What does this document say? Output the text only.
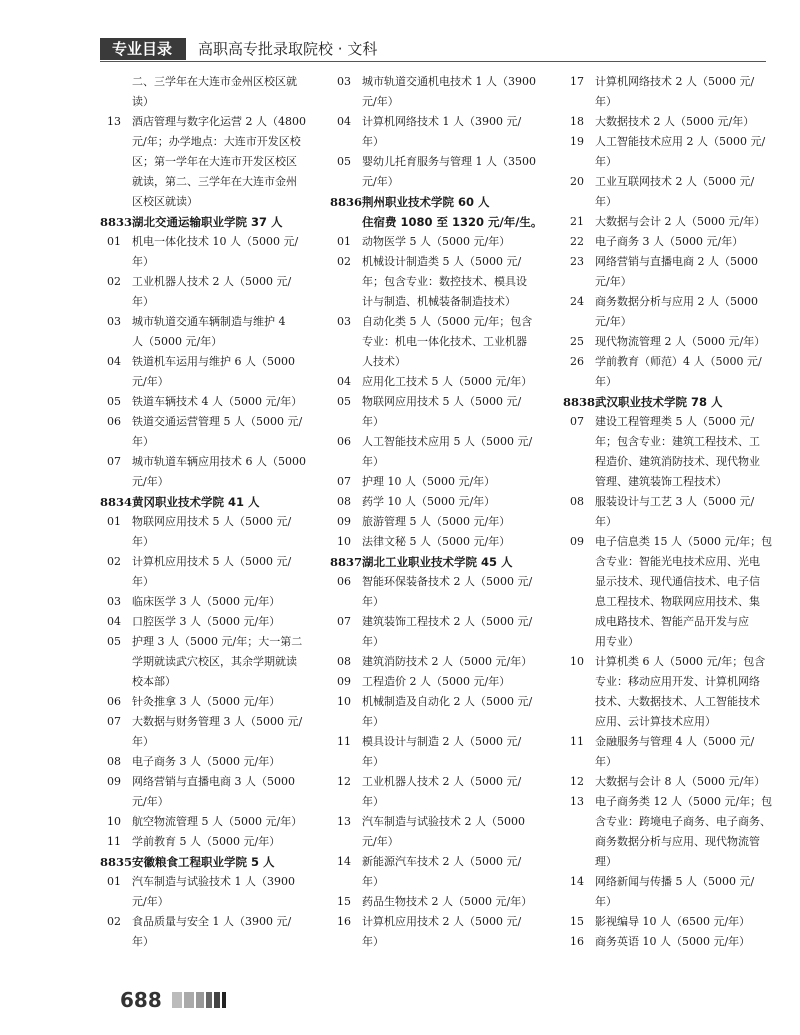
专业目录	高职高专批录取院校 · 文科
二、三学年在大连市金州区校区就
读）
13	酒店管理与数字化运营 2 人（4800
元/年；办学地点：大连市开发区校
区；第一学年在大连市开发区校区
就读，第二、三学年在大连市金州
区校区就读）
8833 湖北交通运输职业学院 37 人
01	机电一体化技术 10 人（5000 元/
年）
02	工业机器人技术 2 人（5000 元/
年）
03	城市轨道交通车辆制造与维护 4
人（5000 元/年）
04	铁道机车运用与维护 6 人（5000
元/年）
05	铁道车辆技术 4 人（5000 元/年）
06	铁道交通运营管理 5 人（5000 元/
年）
07	城市轨道车辆应用技术 6 人（5000
元/年）
8834 黄冈职业技术学院 41 人
01	物联网应用技术 5 人（5000 元/
年）
02	计算机应用技术 5 人（5000 元/
年）
03	临床医学 3 人（5000 元/年）
04	口腔医学 3 人（5000 元/年）
05	护理 3 人（5000 元/年；大一第二
学期就读武穴校区，其余学期就读
校本部）
06	针灸推拿 3 人（5000 元/年）
07	大数据与财务管理 3 人（5000 元/
年）
08	电子商务 3 人（5000 元/年）
09	网络营销与直播电商 3 人（5000
元/年）
10	航空物流管理 5 人（5000 元/年）
11	学前教育 5 人（5000 元/年）
8835 安徽粮食工程职业学院 5 人
01	汽车制造与试验技术 1 人（3900
元/年）
02	食品质量与安全 1 人（3900 元/
年）
03	城市轨道交通机电技术 1 人（3900
元/年）
04	计算机网络技术 1 人（3900 元/
年）
05	婴幼儿托育服务与管理 1 人（3500
元/年）
8836 荆州职业技术学院 60 人
住宿费 1080 至 1320 元/年/生。
01	动物医学 5 人（5000 元/年）
02	机械设计制造类 5 人（5000 元/
年；包含专业：数控技术、模具设
计与制造、机械装备制造技术）
03	自动化类 5 人（5000 元/年；包含
专业：机电一体化技术、工业机器
人技术）
04	应用化工技术 5 人（5000 元/年）
05	物联网应用技术 5 人（5000 元/
年）
06	人工智能技术应用 5 人（5000 元/
年）
07	护理 10 人（5000 元/年）
08	药学 10 人（5000 元/年）
09	旅游管理 5 人（5000 元/年）
10	法律文秘 5 人（5000 元/年）
8837 湖北工业职业技术学院 45 人
06	智能环保装备技术 2 人（5000 元/
年）
07	建筑装饰工程技术 2 人（5000 元/
年）
08	建筑消防技术 2 人（5000 元/年）
09	工程造价 2 人（5000 元/年）
10	机械制造及自动化 2 人（5000 元/
年）
11	模具设计与制造 2 人（5000 元/
年）
12	工业机器人技术 2 人（5000 元/
年）
13	汽车制造与试验技术 2 人（5000
元/年）
14	新能源汽车技术 2 人（5000 元/
年）
15	药品生物技术 2 人（5000 元/年）
16	计算机应用技术 2 人（5000 元/
年）
17	计算机网络技术 2 人（5000 元/
年）
18	大数据技术 2 人（5000 元/年）
19	人工智能技术应用 2 人（5000 元/
年）
20	工业互联网技术 2 人（5000 元/
年）
21	大数据与会计 2 人（5000 元/年）
22	电子商务 3 人（5000 元/年）
23	网络营销与直播电商 2 人（5000
元/年）
24	商务数据分析与应用 2 人（5000
元/年）
25	现代物流管理 2 人（5000 元/年）
26	学前教育（师范）4 人（5000 元/
年）
8838 武汉职业技术学院 78 人
07	建设工程管理类 5 人（5000 元/
年；包含专业：建筑工程技术、工
程造价、建筑消防技术、现代物业
管理、建筑装饰工程技术）
08	服装设计与工艺 3 人（5000 元/
年）
09	电子信息类 15 人（5000 元/年；包
含专业：智能光电技术应用、光电
显示技术、现代通信技术、电子信
息工程技术、物联网应用技术、集
成电路技术、智能产品开发与应
用专业）
10	计算机类 6 人（5000 元/年；包含
专业：移动应用开发、计算机网络
技术、大数据技术、人工智能技术
应用、云计算技术应用）
11	金融服务与管理 4 人（5000 元/
年）
12	大数据与会计 8 人（5000 元/年）
13	电子商务类 12 人（5000 元/年；包
含专业：跨境电子商务、电子商务、
商务数据分析与应用、现代物流管
理）
14	网络新闻与传播 5 人（5000 元/
年）
15	影视编导 10 人（6500 元/年）
16	商务英语 10 人（5000 元/年）
688
